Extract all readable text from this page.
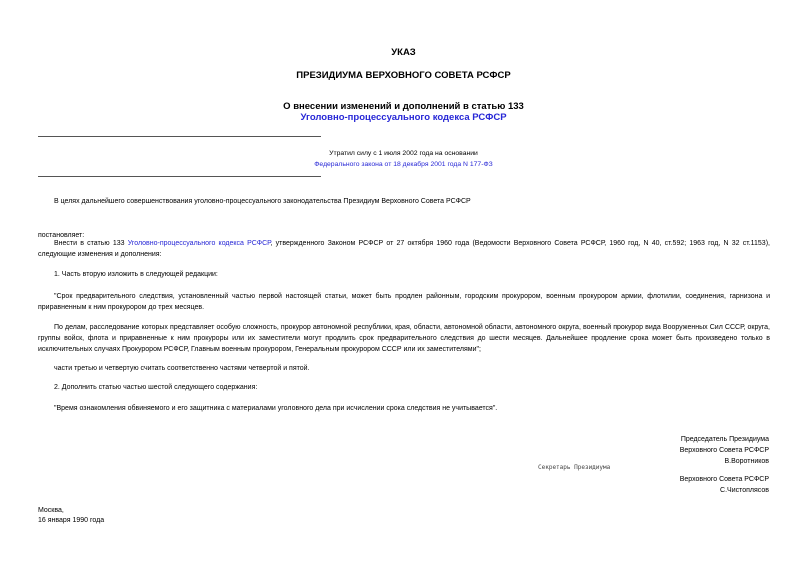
УКАЗ
ПРЕЗИДИУМА ВЕРХОВНОГО СОВЕТА РСФСР
О внесении изменений и дополнений в статью 133
Уголовно-процессуального кодекса РСФСР
Утратил силу с 1 июля 2002 года на основании
Федерального закона от 18 декабря 2001 года N 177-ФЗ
В целях дальнейшего совершенствования уголовно-процессуального законодательства Президиум Верховного Совета РСФСР
постановляет:
Внести в статью 133 Уголовно-процессуального кодекса РСФСР, утвержденного Законом РСФСР от 27 октября 1960 года (Ведомости Верховного Совета РСФСР, 1960 год, N 40, ст.592; 1963 год, N 32 ст.1153), следующие изменения и дополнения:
1. Часть вторую изложить в следующей редакции:
"Срок предварительного следствия, установленный частью первой настоящей статьи, может быть продлен районным, городским прокурором, военным прокурором армии, флотилии, соединения, гарнизона и приравненным к ним прокурором до трех месяцев.
По делам, расследование которых представляет особую сложность, прокурор автономной республики, края, области, автономной области, автономного округа, военный прокурор вида Вооруженных Сил СССР, округа, группы войск, флота и приравненные к ним прокуроры или их заместители могут продлить срок предварительного следствия до шести месяцев. Дальнейшее продление срока может быть произведено только в исключительных случаях Прокурором РСФСР, Главным военным прокурором, Генеральным прокурором СССР или их заместителями";
части третью и четвертую считать соответственно частями четвертой и пятой.
2. Дополнить статью частью шестой следующего содержания:
"Время ознакомления обвиняемого и его защитника с материалами уголовного дела при исчислении срока следствия не учитывается".
Председатель Президиума
Верховного Совета РСФСР
В.Воротников
Секретарь Президиума
Верховного Совета РСФСР
С.Чистоплясов
Москва,
16 января 1990 года
